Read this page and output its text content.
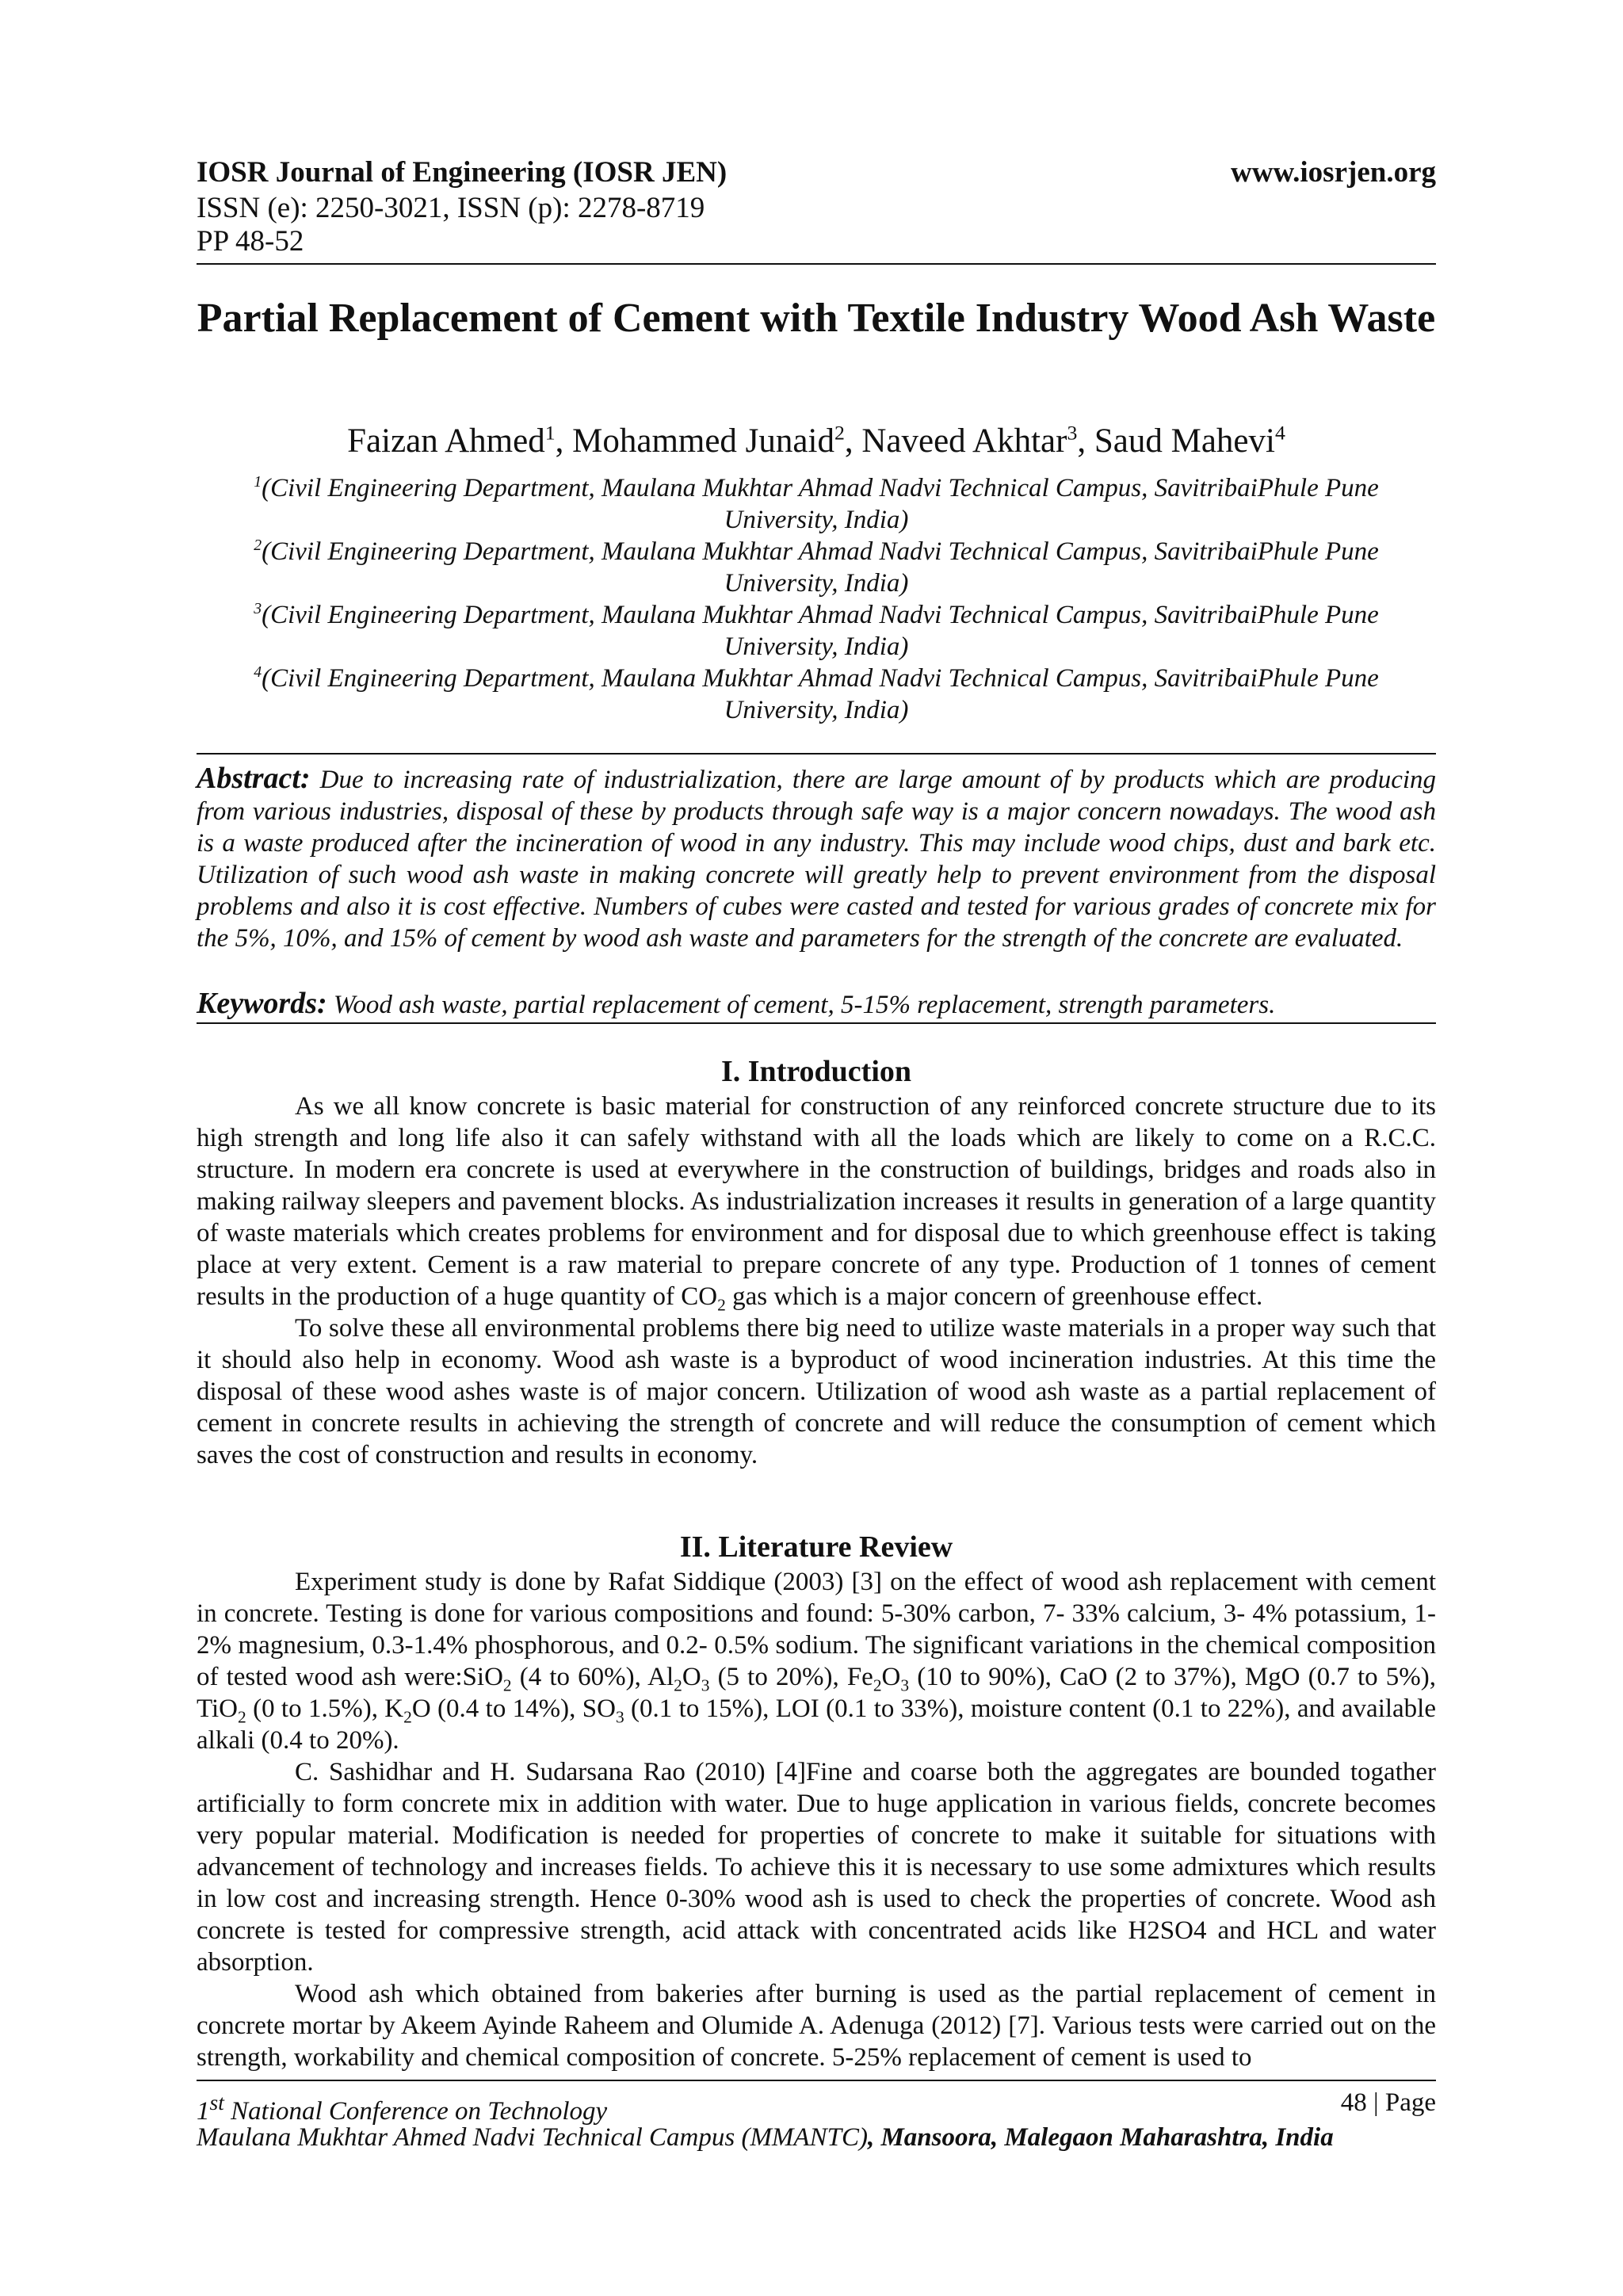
IOSR Journal of Engineering (IOSR JEN)	www.iosrjen.org
ISSN (e): 2250-3021, ISSN (p): 2278-8719
PP 48-52
Partial Replacement of Cement with Textile Industry Wood Ash Waste
Faizan Ahmed$^1$, Mohammed Junaid$^2$, Naveed Akhtar$^3$, Saud Mahevi$^4$
$^1$(Civil Engineering Department, Maulana Mukhtar Ahmad Nadvi Technical Campus, SavitribaiPhule Pune University, India)
$^2$(Civil Engineering Department, Maulana Mukhtar Ahmad Nadvi Technical Campus, SavitribaiPhule Pune University, India)
$^3$(Civil Engineering Department, Maulana Mukhtar Ahmad Nadvi Technical Campus, SavitribaiPhule Pune University, India)
$^4$(Civil Engineering Department, Maulana Mukhtar Ahmad Nadvi Technical Campus, SavitribaiPhule Pune University, India)
Abstract: Due to increasing rate of industrialization, there are large amount of by products which are producing from various industries, disposal of these by products through safe way is a major concern nowadays. The wood ash is a waste produced after the incineration of wood in any industry. This may include wood chips, dust and bark etc. Utilization of such wood ash waste in making concrete will greatly help to prevent environment from the disposal problems and also it is cost effective. Numbers of cubes were casted and tested for various grades of concrete mix for the 5%, 10%, and 15% of cement by wood ash waste and parameters for the strength of the concrete are evaluated.
Keywords: Wood ash waste, partial replacement of cement, 5-15% replacement, strength parameters.
I. Introduction

As we all know concrete is basic material for construction of any reinforced concrete structure due to its high strength and long life also it can safely withstand with all the loads which are likely to come on a R.C.C. structure. In modern era concrete is used at everywhere in the construction of buildings, bridges and roads also in making railway sleepers and pavement blocks. As industrialization increases it results in generation of a large quantity of waste materials which creates problems for environment and for disposal due to which greenhouse effect is taking place at very extent. Cement is a raw material to prepare concrete of any type. Production of 1 tonnes of cement results in the production of a huge quantity of $CO_2$ gas which is a major concern of greenhouse effect.

To solve these all environmental problems there big need to utilize waste materials in a proper way such that it should also help in economy. Wood ash waste is a byproduct of wood incineration industries. At this time the disposal of these wood ashes waste is of major concern. Utilization of wood ash waste as a partial replacement of cement in concrete results in achieving the strength of concrete and will reduce the consumption of cement which saves the cost of construction and results in economy.

II. Literature Review

Experiment study is done by Rafat Siddique (2003) [3] on the effect of wood ash replacement with cement in concrete. Testing is done for various compositions and found: 5-30% carbon, 7- 33% calcium, 3- 4% potassium, 1- 2% magnesium, 0.3-1.4% phosphorous, and 0.2- 0.5% sodium. The significant variations in the chemical composition of tested wood ash were:SiO$_2$ (4 to 60%), $Al_2O_3$ (5 to 20%), $Fe_2O_3$ (10 to 90%), CaO (2 to 37%), MgO (0.7 to 5%), TiO$_2$ (0 to 1.5%), $K_2O$ (0.4 to 14%), $SO_3$ (0.1 to 15%), LOI (0.1 to 33%), moisture content (0.1 to 22%), and available alkali (0.4 to 20%).

C. Sashidhar and H. Sudarsana Rao (2010) [4]Fine and coarse both the aggregates are bounded togather artificially to form concrete mix in addition with water. Due to huge application in various fields, concrete becomes very popular material. Modification is needed for properties of concrete to make it suitable for situations with advancement of technology and increases fields. To achieve this it is necessary to use some admixtures which results in low cost and increasing strength. Hence 0-30% wood ash is used to check the properties of concrete. Wood ash concrete is tested for compressive strength, acid attack with concentrated acids like H2SO4 and HCL and water absorption.

Wood ash which obtained from bakeries after burning is used as the partial replacement of cement in concrete mortar by Akeem Ayinde Raheem and Olumide A. Adenuga (2012) [7]. Various tests were carried out on the strength, workability and chemical composition of concrete. 5-25% replacement of cement is used to

1st National Conference on Technology	48 | Page
Maulana Mukhtar Ahmed Nadvi Technical Campus (MMANTC), Mansoora, Malegaon Maharashtra, India
